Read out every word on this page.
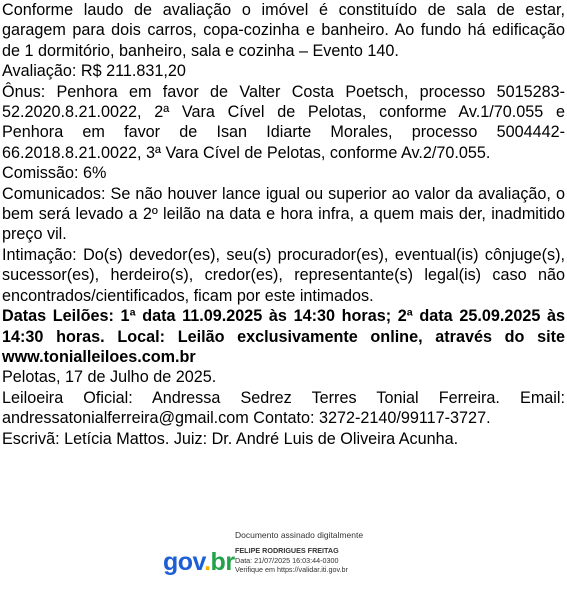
Conforme laudo de avaliação o imóvel é constituído de sala de estar, garagem para dois carros, copa-cozinha e banheiro. Ao fundo há edificação de 1 dormitório, banheiro, sala e cozinha – Evento 140.

Avaliação: R$ 211.831,20

Ônus: Penhora em favor de Valter Costa Poetsch, processo 5015283-52.2020.8.21.0022, 2ª Vara Cível de Pelotas, conforme Av.1/70.055 e Penhora em favor de Isan Idiarte Morales, processo 5004442-66.2018.8.21.0022, 3ª Vara Cível de Pelotas, conforme Av.2/70.055.

Comissão: 6%

Comunicados: Se não houver lance igual ou superior ao valor da avaliação, o bem será levado a 2º leilão na data e hora infra, a quem mais der, inadmitido preço vil.

Intimação: Do(s) devedor(es), seu(s) procurador(es), eventual(is) cônjuge(s), sucessor(es), herdeiro(s), credor(es), representante(s) legal(is) caso não encontrados/cientificados, ficam por este intimados.

Datas Leilões: 1ª data 11.09.2025 às 14:30 horas; 2ª data 25.09.2025 às 14:30 horas. Local: Leilão exclusivamente online, através do site www.tonialleiloes.com.br

Pelotas, 17 de Julho de 2025.

Leiloeira Oficial: Andressa Sedrez Terres Tonial Ferreira. Email: andressatonialferreira@gmail.com Contato: 3272-2140/99117-3727.

Escrivã: Letícia Mattos. Juiz: Dr. André Luis de Oliveira Acunha.

Documento assinado digitalmente
gov.br FELIPE RODRIGUES FREITAG
Data: 21/07/2025 16:03:44-0300
Verifique em https://validar.iti.gov.br
